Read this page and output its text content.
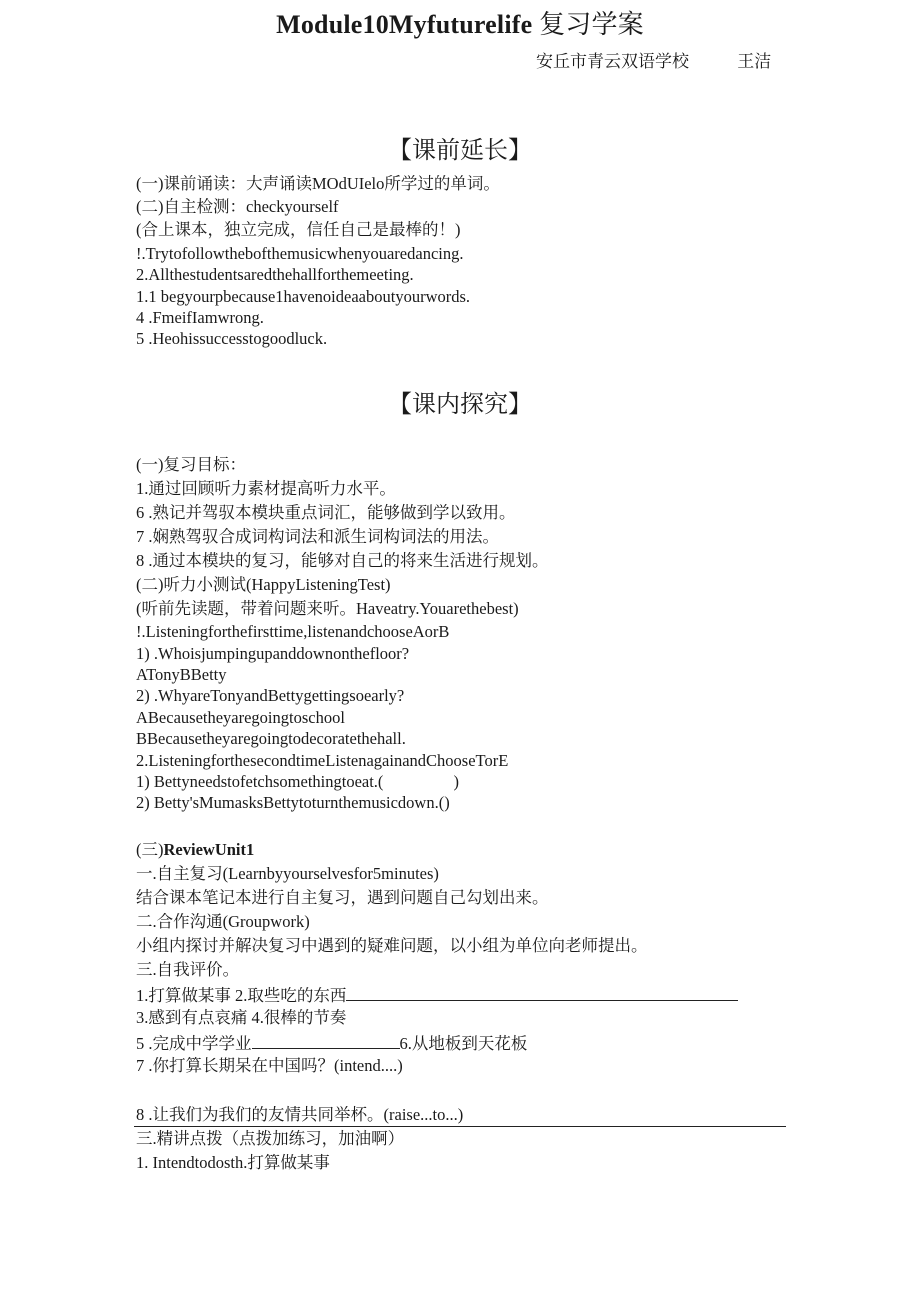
Module10Myfuturelife 复习学案
安丘市青云双语学校	王洁
【课前延长】
(一)课前诵读：大声诵读MOdUIelo所学过的单词。
(二)自主检测：checkyourself
(合上课本，独立完成，信任自己是最棒的！)
!.Trytofollowthebofthemusicwhenyouaredancing.
2.Allthestudentsaredthehallforthemeeting.
1.1 begyourpbecause1havenoideaaboutyourwords.
4 .FmeifIamwrong.
5 .Heohissuccesstogoodluck.
【课内探究】
(一)复习目标：
1.通过回顾听力素材提高听力水平。
6 .熟记并驾驭本模块重点词汇，能够做到学以致用。
7 .娴熟驾驭合成词构词法和派生词构词法的用法。
8 .通过本模块的复习，能够对自己的将来生活进行规划。
(二)听力小测试(HappyListeningTest)
(听前先读题，带着问题来听。Haveatry.Youarethebest)
!.Listeningforthefirsttime,listenandchooseAorB
1) .Whoisjumpingupanddownonthefloor?
ATonyBBetty
2) .WhyareTonyandBettygettingsoearly?
ABecausetheyaregoingtoschool
BBecausetheyaregoingtodecoratethehall.
2.ListeningforthesecondtimeListenagainandChooseTorE
1) Bettyneedstofetchsomethingtoeat.(	)
2) Betty'sMumasksBettytoturnthemusicdown.()
(三)ReviewUnit1
一.自主复习(Learnbyyourselvesfor5minutes)
结合课本笔记本进行自主复习，遇到问题自己勾划出来。
二.合作沟通(Groupwork)
小组内探讨并解决复习中遇到的疑难问题，以小组为单位向老师提出。
三.自我评价。
1.打算做某事 2.取些吃的东西
3.感到有点哀痛 4.很棒的节奏
5 .完成中学学业	6.从地板到天花板
7 .你打算长期呆在中国吗？(intend....)
8 .让我们为我们的友情共同举杯。(raise...to...)
三.精讲点拨（点拨加练习，加油啊）
1. Intendtodosth.打算做某事
